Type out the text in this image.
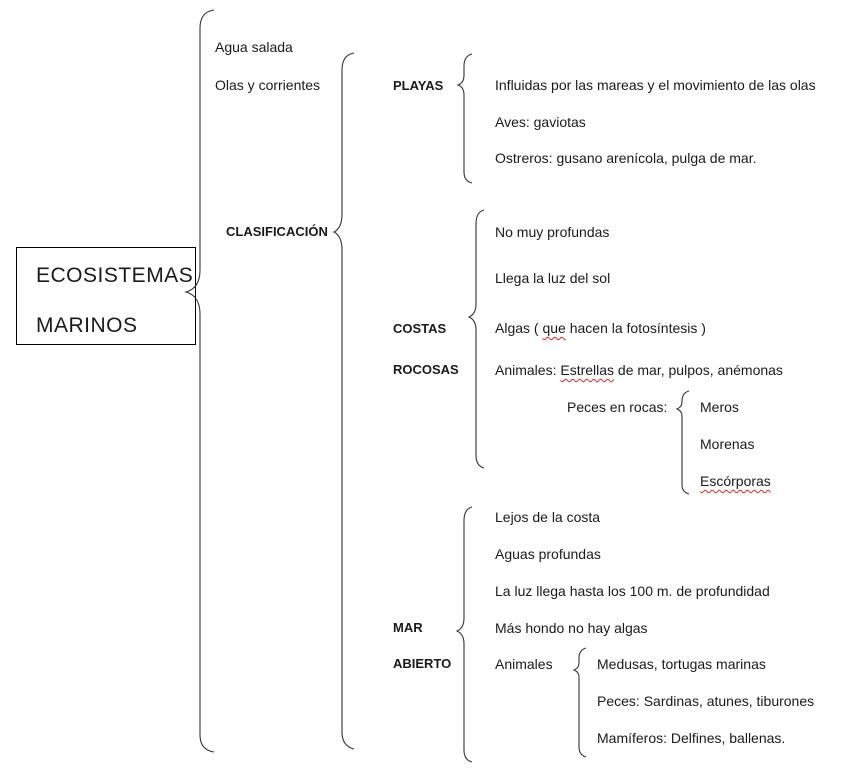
ECOSISTEMAS
MARINOS
Agua salada
Olas y corrientes
CLASIFICACIÓN
PLAYAS	Influidas por las mareas y el movimiento de las olas
Aves: gaviotas
Ostreros: gusano arenícola, pulga de mar.
COSTAS
ROCOSAS
No muy profundas
Llega la luz del sol
Algas ( que hacen la fotosíntesis )
Animales: Estrellas de mar, pulpos, anémonas
Peces en rocas: Meros
Morenas
Escórporas
MAR
ABIERTO
Lejos de la costa
Aguas profundas
La luz llega hasta los 100 m. de profundidad
Más hondo no hay algas
Animales	Medusas, tortugas marinas
Peces: Sardinas, atunes, tiburones
Mamíferos: Delfines, ballenas.
